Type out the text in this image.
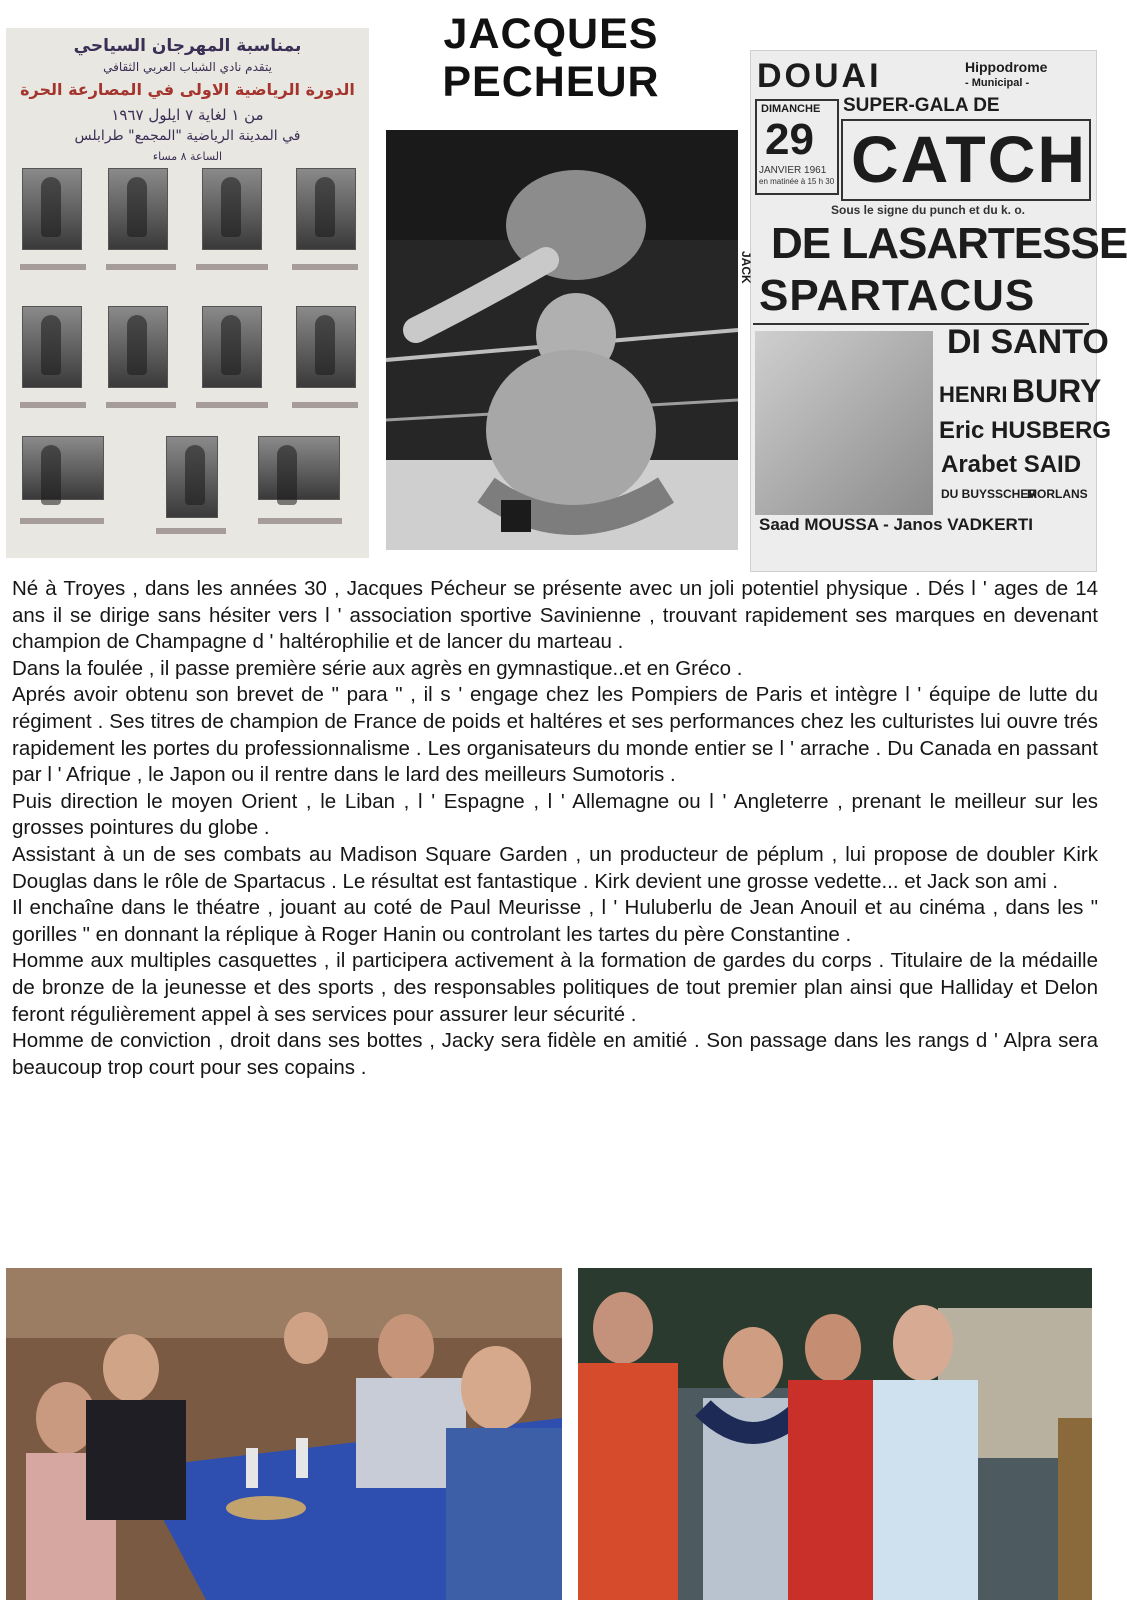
JACQUES
PECHEUR
بمناسبة المهرجان السياحي
يتقدم نادي الشباب العربي الثقافي
الدورة الرياضية الاولى في المصارعة الحرة
من ١ لغاية ٧ ايلول ١٩٦٧
في المدينة الرياضية "المجمع" طرابلس
الساعة ٨ مساء
DOUAI	Hippodrome
- Municipal -
SUPER-GALA DE
DIMANCHE
29
JANVIER 1961
en matinée à 15 h 30 CATCH
Sous le signe du punch et du k. o.
JACK DE LASARTESSE
SPARTACUS
DI SANTO
HENRI BURY
Eric HUSBERG
Arabet SAID
DU BUYSSCHER
MORLANS
Saad MOUSSA - Janos VADKERTI

Né à Troyes , dans les années 30 , Jacques Pécheur se présente avec un joli potentiel physique . Dés l ' ages de 14 ans il se dirige sans hésiter vers l ' association sportive Savinienne , trouvant rapidement ses marques en devenant champion de Champagne d ' haltérophilie et de lancer du marteau .

Dans la foulée , il passe première série aux agrès en gymnastique..et en Gréco .

Aprés avoir obtenu son brevet de " para " , il s ' engage chez les Pompiers de Paris et intègre l ' équipe de lutte du régiment . Ses titres de champion de France de poids et haltéres et ses performances chez les culturistes lui ouvre trés rapidement les portes du professionnalisme . Les organisateurs du monde entier se l ' arrache . Du Canada en passant par l ' Afrique , le Japon ou il rentre dans le lard des meilleurs Sumotoris .

Puis direction le moyen Orient , le Liban , l ' Espagne , l ' Allemagne ou l ' Angleterre , prenant le meilleur sur les grosses pointures du globe .

Assistant à un de ses combats au Madison Square Garden , un producteur de péplum , lui propose de doubler Kirk Douglas dans le rôle de Spartacus . Le résultat est fantastique . Kirk devient une grosse vedette... et Jack son ami .

Il enchaîne dans le théatre , jouant au coté de Paul Meurisse , l ' Huluberlu de Jean Anouil et au cinéma , dans les " gorilles " en donnant la réplique à Roger Hanin ou controlant les tartes du père Constantine .

Homme aux multiples casquettes , il participera activement à la formation de gardes du corps . Titulaire de la médaille de bronze de la jeunesse et des sports , des responsables politiques de tout premier plan ainsi que Halliday et Delon feront régulièrement appel à ses services pour assurer leur sécurité .

Homme de conviction , droit dans ses bottes , Jacky sera fidèle en amitié . Son passage dans les rangs d ' Alpra sera beaucoup trop court pour ses copains .
